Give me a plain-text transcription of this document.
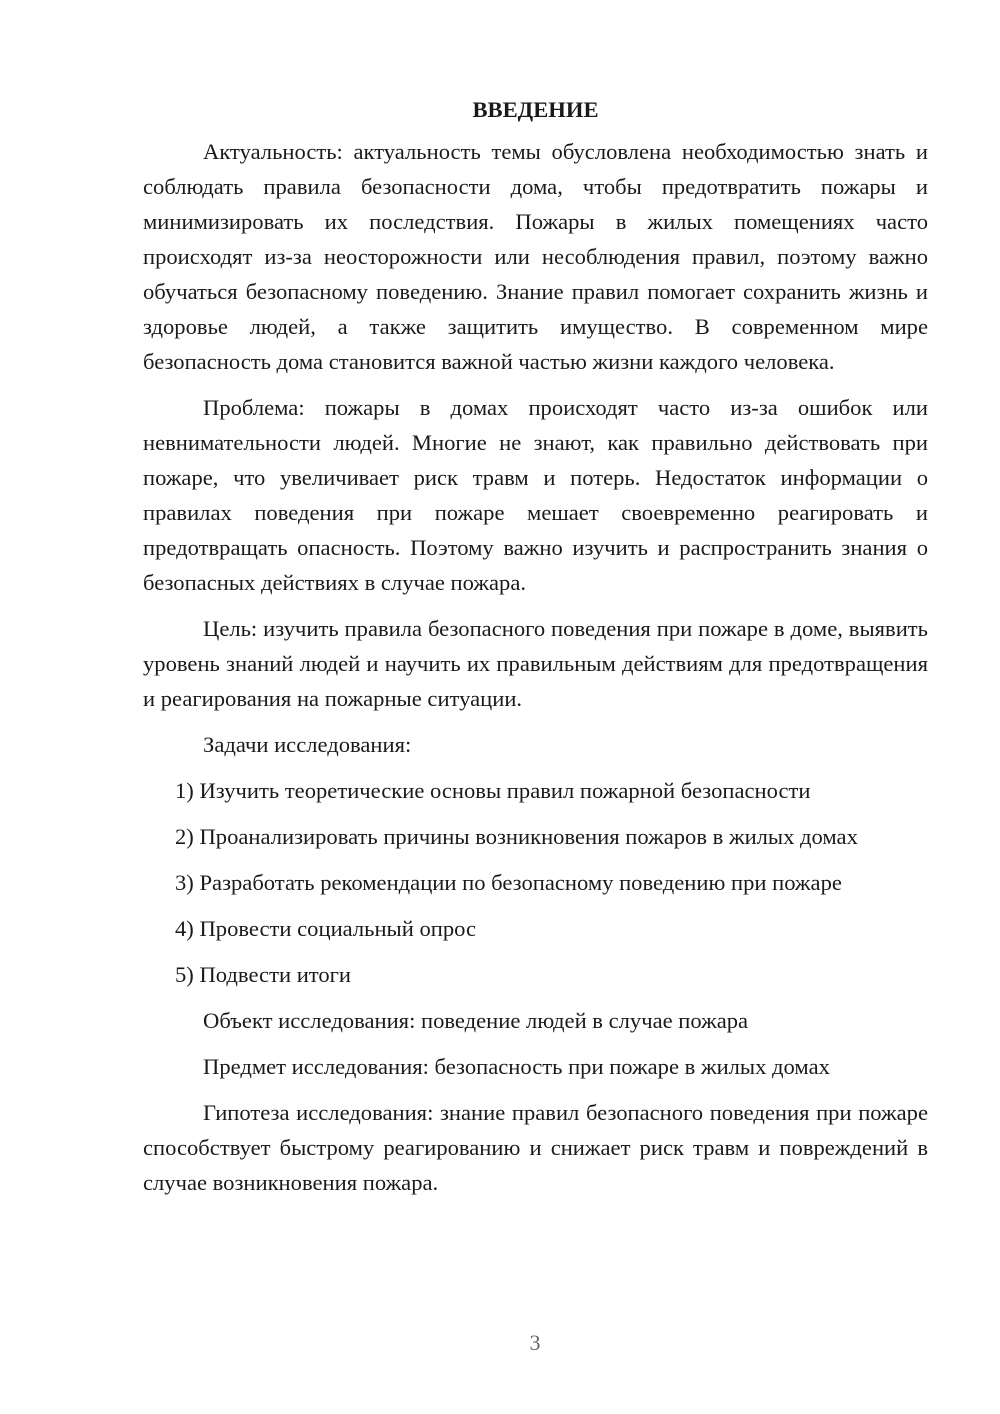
ВВЕДЕНИЕ

Актуальность: актуальность темы обусловлена необходимостью знать и соблюдать правила безопасности дома, чтобы предотвратить пожары и минимизировать их последствия. Пожары в жилых помещениях часто происходят из-за неосторожности или несоблюдения правил, поэтому важно обучаться безопасному поведению. Знание правил помогает сохранить жизнь и здоровье людей, а также защитить имущество. В современном мире безопасность дома становится важной частью жизни каждого человека.

Проблема: пожары в домах происходят часто из-за ошибок или невнимательности людей. Многие не знают, как правильно действовать при пожаре, что увеличивает риск травм и потерь. Недостаток информации о правилах поведения при пожаре мешает своевременно реагировать и предотвращать опасность. Поэтому важно изучить и распространить знания о безопасных действиях в случае пожара.

Цель: изучить правила безопасного поведения при пожаре в доме, выявить уровень знаний людей и научить их правильным действиям для предотвращения и реагирования на пожарные ситуации.

Задачи исследования:

1) Изучить теоретические основы правил пожарной безопасности

2) Проанализировать причины возникновения пожаров в жилых домах

3) Разработать рекомендации по безопасному поведению при пожаре

4) Провести социальный опрос

5) Подвести итоги

Объект исследования: поведение людей в случае пожара

Предмет исследования: безопасность при пожаре в жилых домах

Гипотеза исследования: знание правил безопасного поведения при пожаре способствует быстрому реагированию и снижает риск травм и повреждений в случае возникновения пожара.

3
